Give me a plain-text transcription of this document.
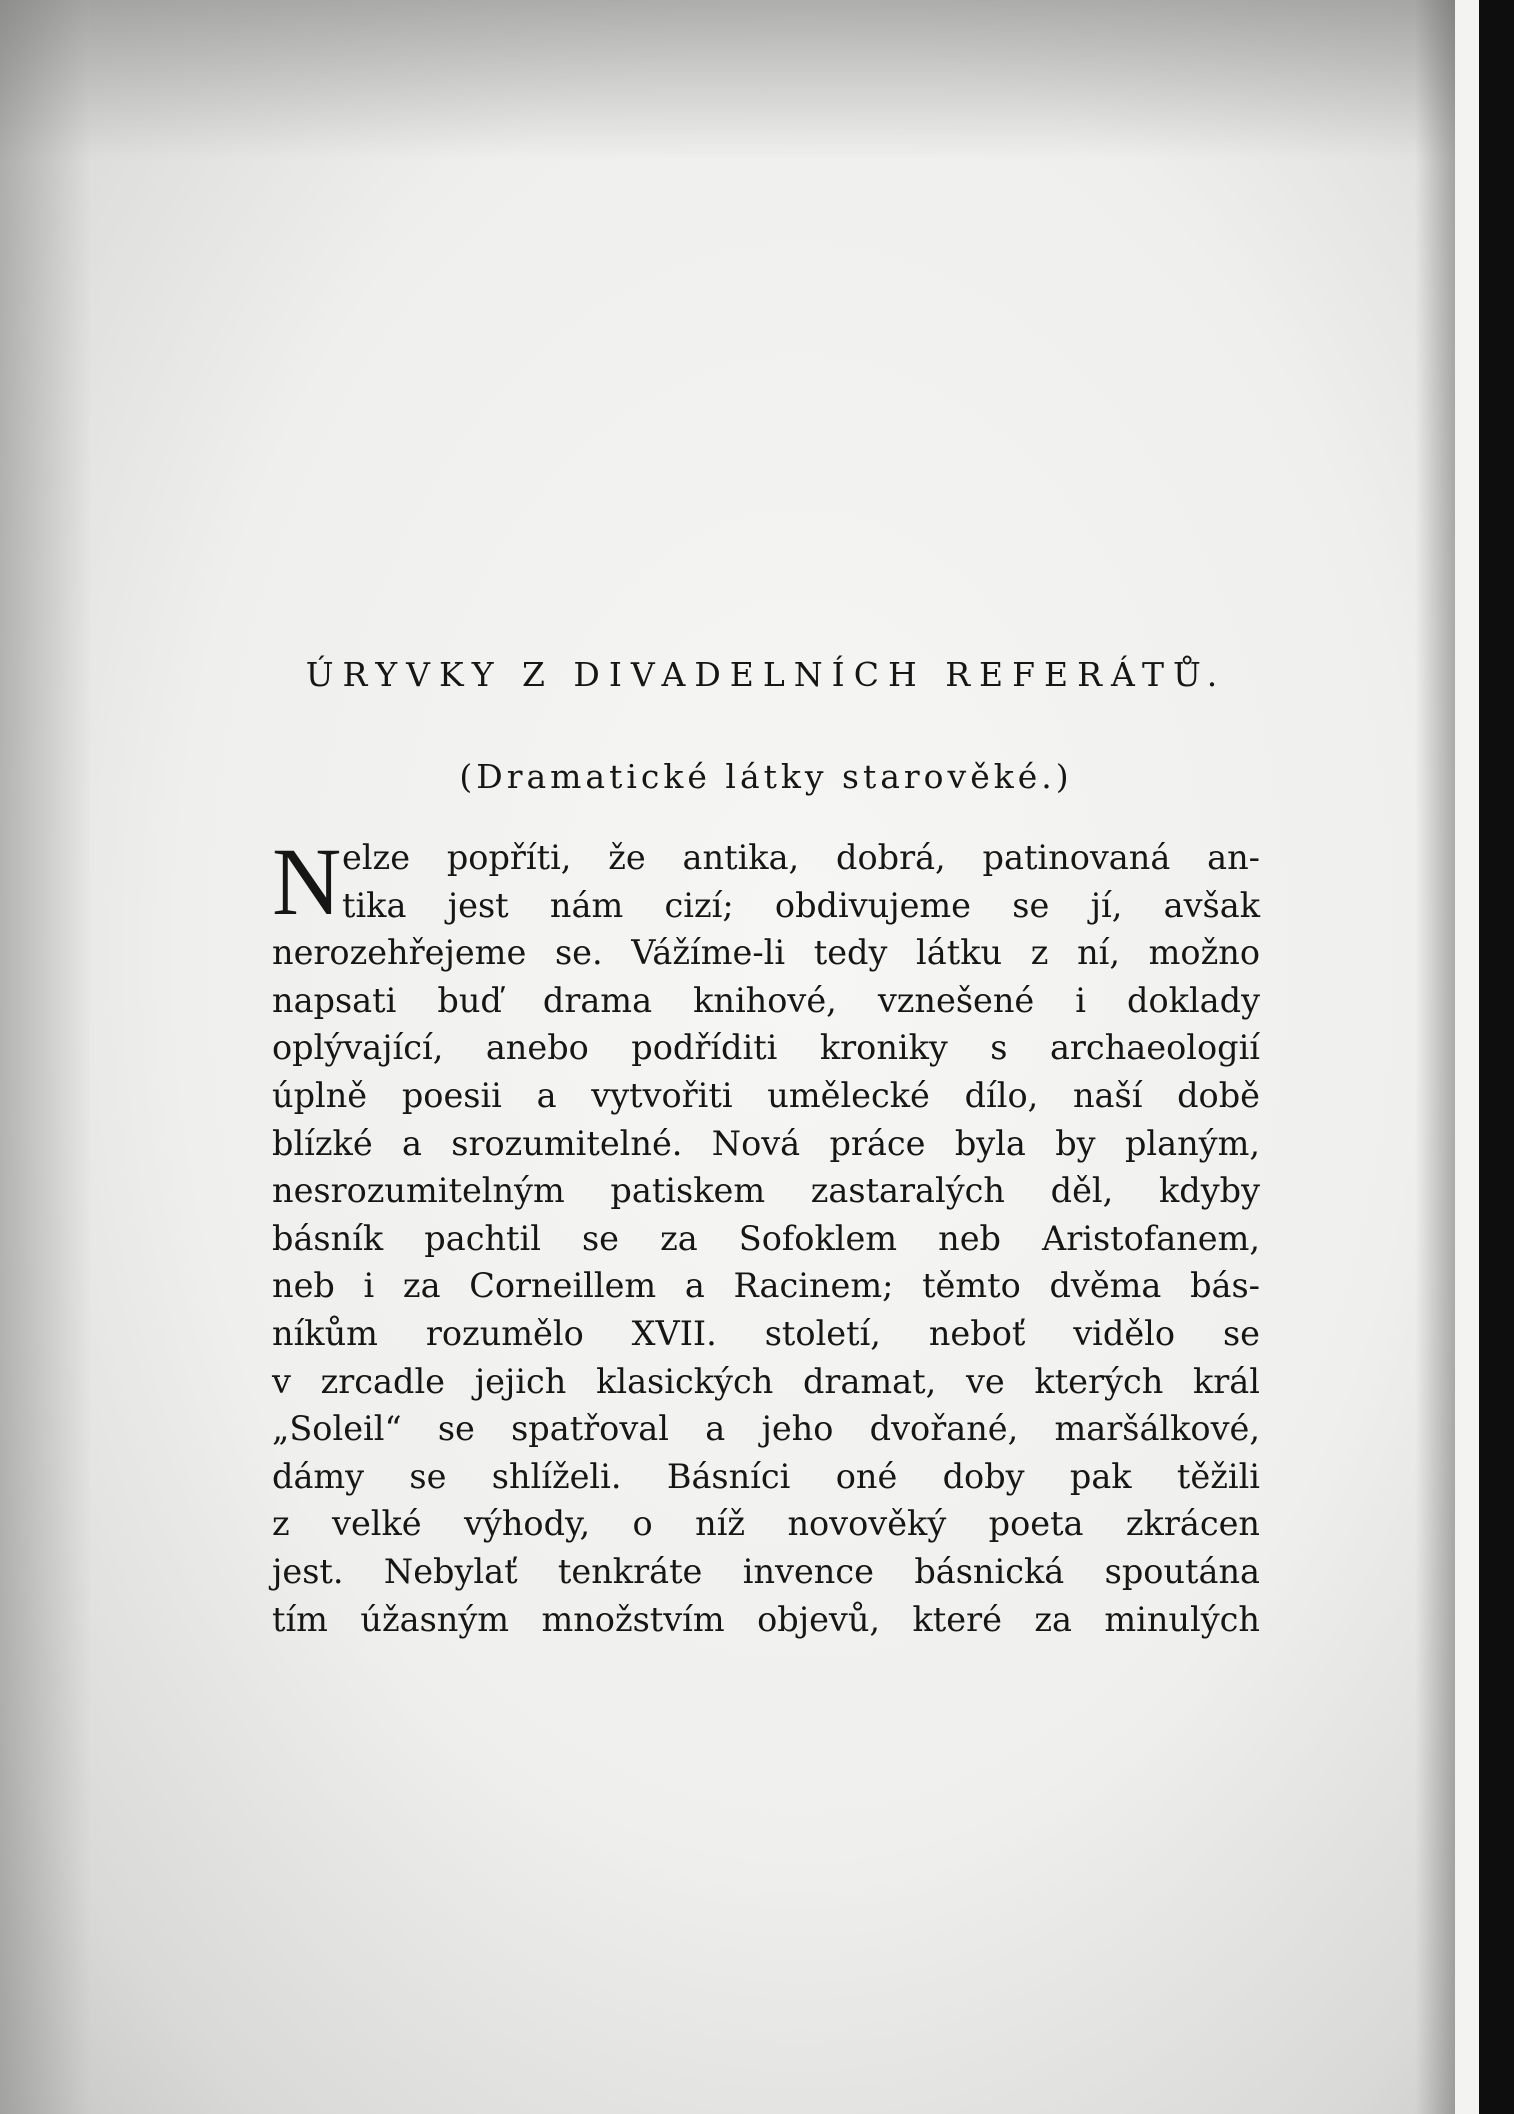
ÚRYVKY Z DIVADELNÍCH REFERÁTŮ.
(Dramatické látky starověké.)
N elze popříti, že antika, dobrá, patinovaná an-
tika jest nám cizí; obdivujeme se jí, avšak
nerozehřejeme se. Vážíme-li tedy látku z ní, možno
napsati buď drama knihové, vznešené i doklady
oplývající, anebo podříditi kroniky s archaeologií
úplně poesii a vytvořiti umělecké dílo, naší době
blízké a srozumitelné. Nová práce byla by planým,
nesrozumitelným patiskem zastaralých děl, kdyby
básník pachtil se za Sofoklem neb Aristofanem,
neb i za Corneillem a Racinem; těmto dvěma bás-
níkům rozumělo XVII. století, neboť vidělo se
v zrcadle jejich klasických dramat, ve kterých král
„Soleil“ se spatřoval a jeho dvořané, maršálkové,
dámy se shlíželi. Básníci oné doby pak těžili
z velké výhody, o níž novověký poeta zkrácen
jest. Nebylať tenkráte invence básnická spoutána
tím úžasným množstvím objevů, které za minulých
